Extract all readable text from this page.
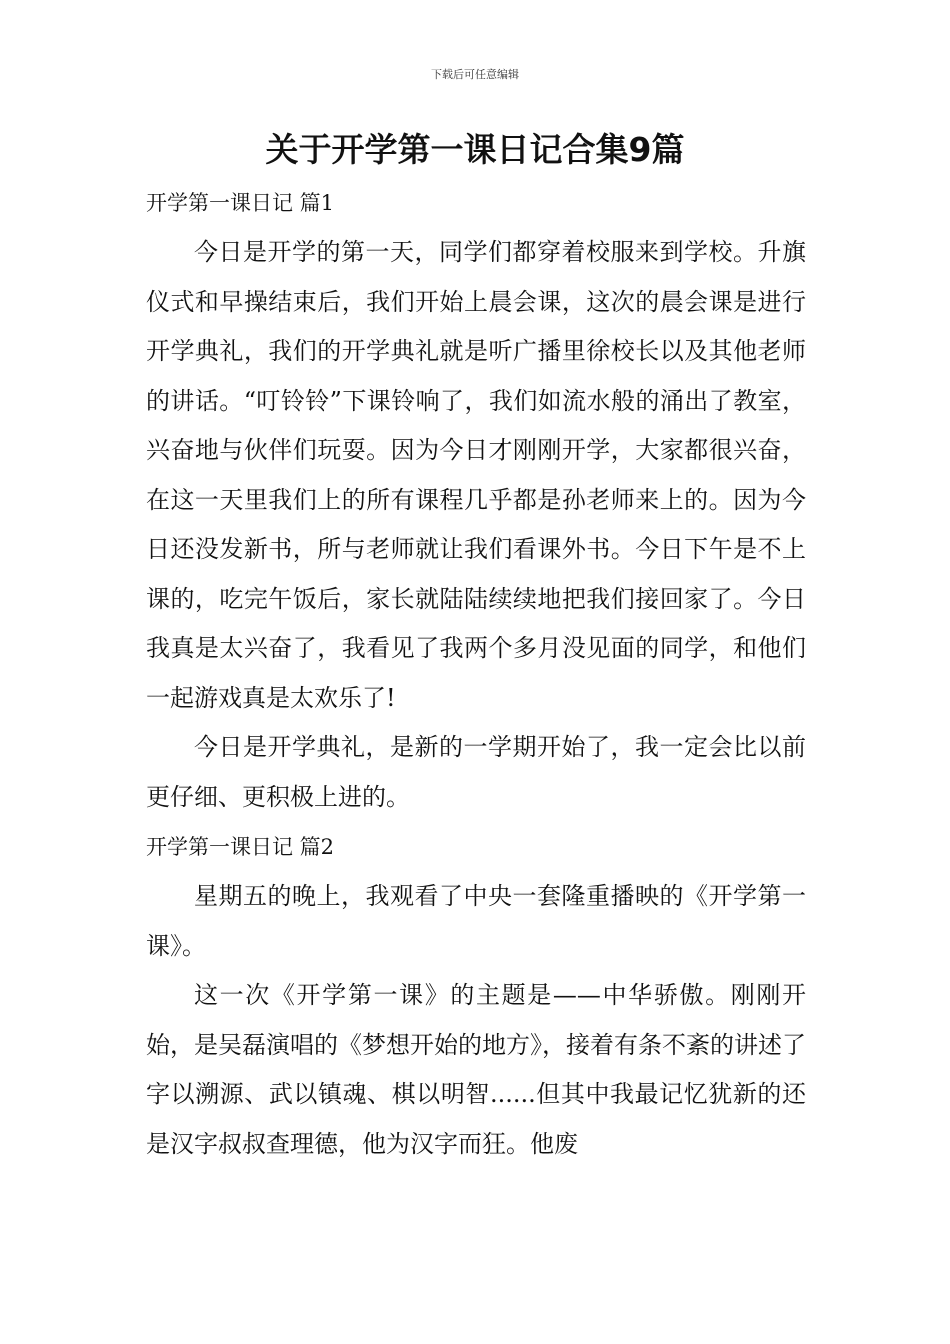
下载后可任意编辑
关于开学第一课日记合集9篇

开学第一课日记 篇1

今日是开学的第一天，同学们都穿着校服来到学校。升旗仪式和早操结束后，我们开始上晨会课，这次的晨会课是进行开学典礼，我们的开学典礼就是听广播里徐校长以及其他老师的讲话。“叮铃铃”下课铃响了，我们如流水般的涌出了教室，兴奋地与伙伴们玩耍。因为今日才刚刚开学，大家都很兴奋，在这一天里我们上的所有课程几乎都是孙老师来上的。因为今日还没发新书，所与老师就让我们看课外书。今日下午是不上课的，吃完午饭后，家长就陆陆续续地把我们接回家了。今日我真是太兴奋了，我看见了我两个多月没见面的同学，和他们一起游戏真是太欢乐了!

今日是开学典礼，是新的一学期开始了，我一定会比以前更仔细、更积极上进的。

开学第一课日记 篇2

星期五的晚上，我观看了中央一套隆重播映的《开学第一课》。

这一次《开学第一课》的主题是——中华骄傲。刚刚开始，是吴磊演唱的《梦想开始的地方》，接着有条不紊的讲述了字以溯源、武以镇魂、棋以明智......但其中我最记忆犹新的还是汉字叔叔查理德，他为汉字而狂。他废
